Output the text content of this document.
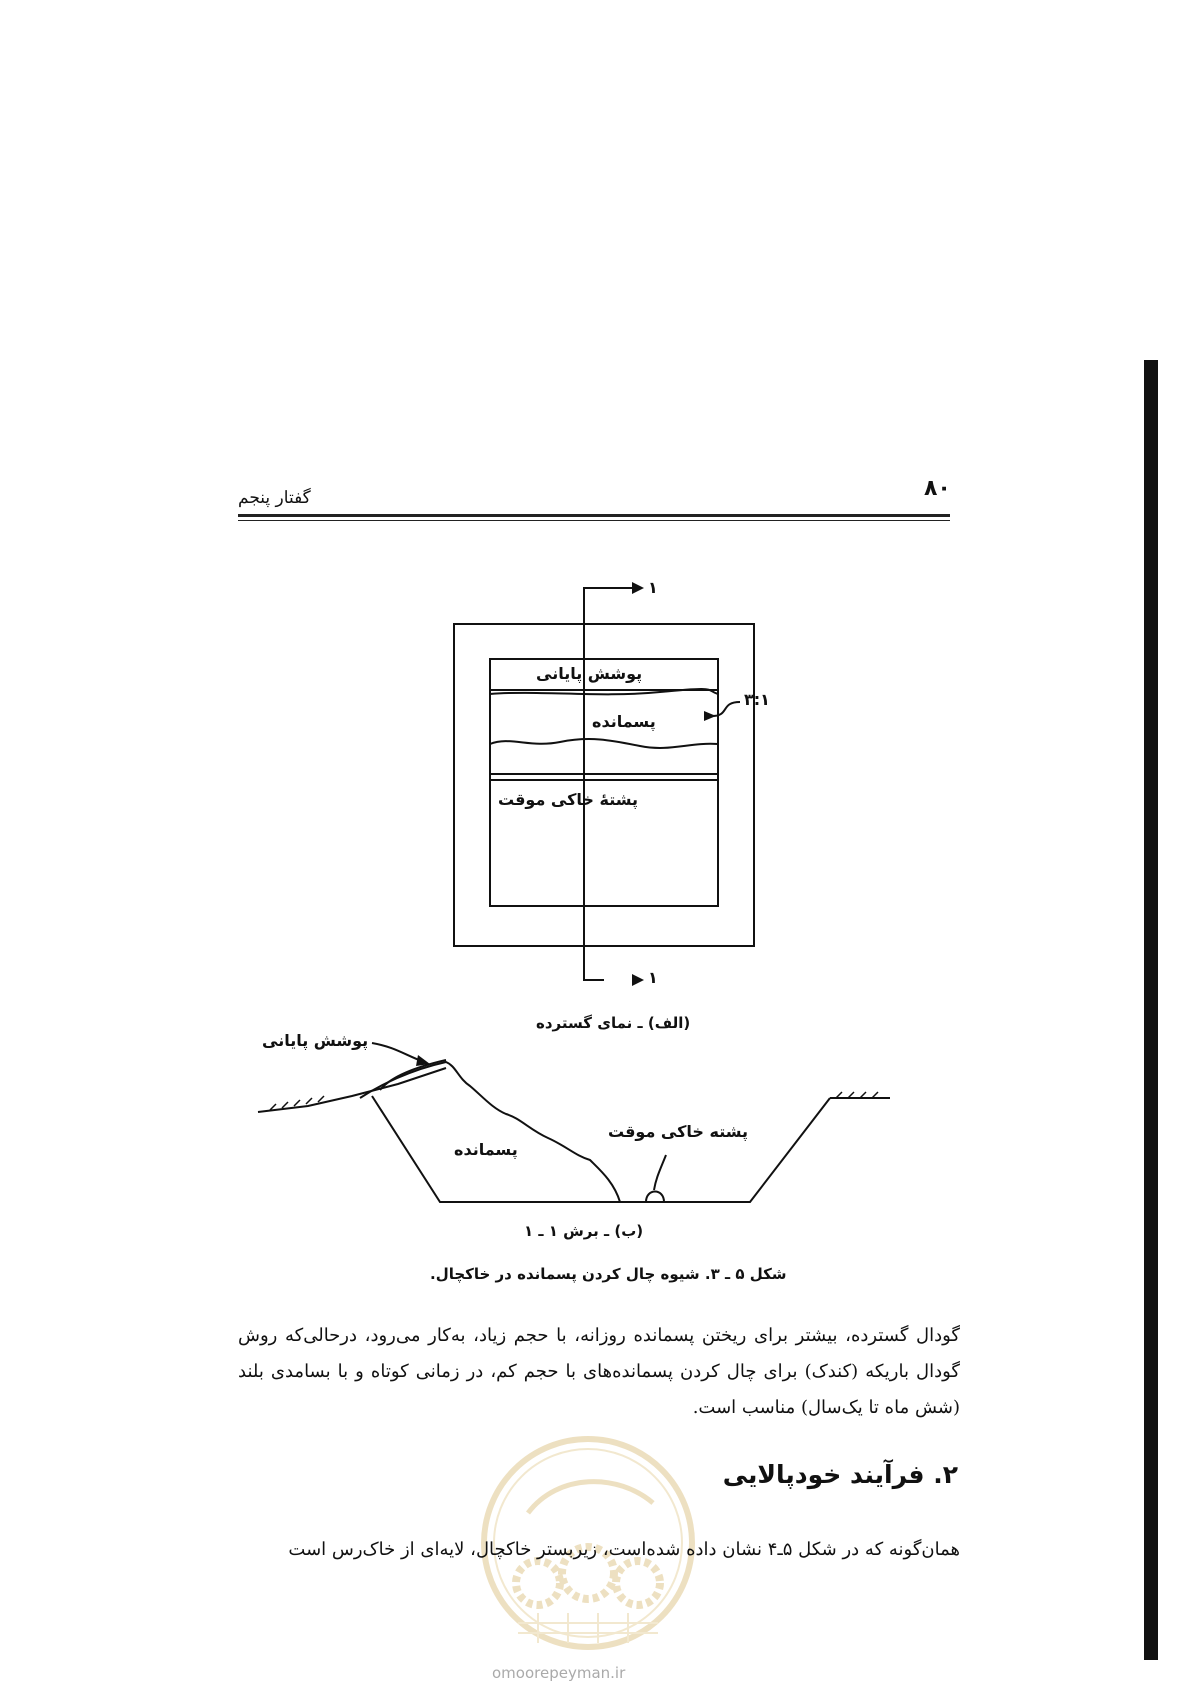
۸۰
گفتار پنجم
۱
۱
۳:۱
پوشش پایانی
پسمانده
پشتهٔ خاکی موقت
(الف) ـ نمای گسترده
پوشش پایانی
پسمانده
پشته خاکی موقت
(ب) ـ برش ۱ ـ ۱
شکل ۵ ـ ۳. شیوه چال کردن پسمانده در خاکچال.

گودال گسترده، بیشتر برای ریختن پسمانده روزانه، با حجم زیاد، به‌کار می‌رود، درحالی‌که روش گودال باریکه (کندک) برای چال کردن پسمانده‌های با حجم کم، در زمانی کوتاه و با بسامدی بلند (شش ماه تا یک‌سال) مناسب است.

۲. فرآیند خودپالایی

همان‌گونه که در شکل ۵ـ۴ نشان داده شده‌است، زیربستر خاکچال، لایه‌ای از خاک‌رس است

omoorepeyman.ir
